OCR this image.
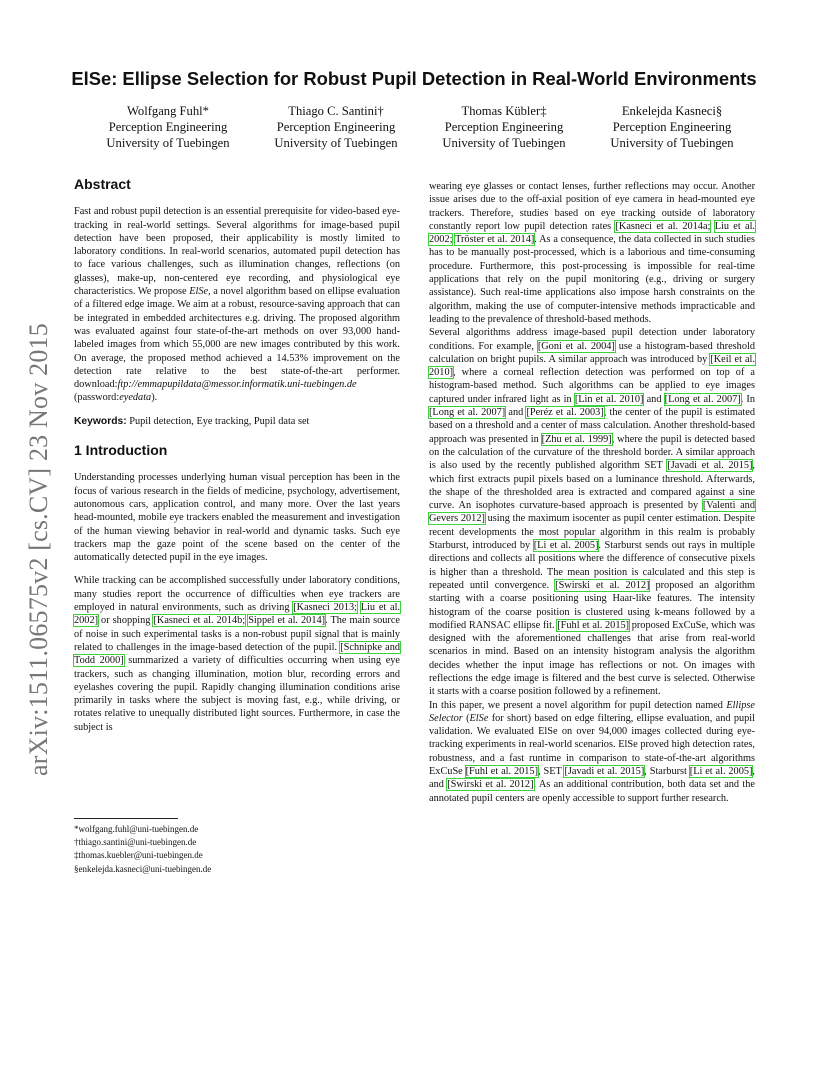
arXiv:1511.06575v2 [cs.CV] 23 Nov 2015
ElSe: Ellipse Selection for Robust Pupil Detection in Real-World Environments
Wolfgang Fuhl*
Perception Engineering
University of Tuebingen
Thiago C. Santini†
Perception Engineering
University of Tuebingen
Thomas Kübler‡
Perception Engineering
University of Tuebingen
Enkelejda Kasneci§
Perception Engineering
University of Tuebingen
Abstract

Fast and robust pupil detection is an essential prerequisite for video-based eye-tracking in real-world settings. Several algorithms for image-based pupil detection have been proposed, their applicability is mostly limited to laboratory conditions. In real-world scenarios, automated pupil detection has to face various challenges, such as illumination changes, reflections (on glasses), make-up, non-centered eye recording, and physiological eye characteristics. We propose ElSe, a novel algorithm based on ellipse evaluation of a filtered edge image. We aim at a robust, resource-saving approach that can be integrated in embedded architectures e.g. driving. The proposed algorithm was evaluated against four state-of-the-art methods on over 93,000 hand-labeled images from which 55,000 are new images contributed by this work. On average, the proposed method achieved a 14.53% improvement on the detection rate relative to the best state-of-the-art performer. download:ftp://emmapupildata@messor.informatik.uni-tuebingen.de (password:eyedata).

Keywords: Pupil detection, Eye tracking, Pupil data set

1 Introduction

Understanding processes underlying human visual perception has been in the focus of various research in the fields of medicine, psychology, advertisement, autonomous cars, application control, and many more. Over the last years head-mounted, mobile eye trackers enabled the measurement and investigation of the human viewing behavior in real-world and dynamic tasks. Such eye trackers map the gaze point of the scene based on the center of the automatically detected pupil in the eye images.

While tracking can be accomplished successfully under laboratory conditions, many studies report the occurrence of difficulties when eye trackers are employed in natural environments, such as driving [Kasneci 2013; Liu et al. 2002] or shopping [Kasneci et al. 2014b; Sippel et al. 2014]. The main source of noise in such experimental tasks is a non-robust pupil signal that is mainly related to challenges in the image-based detection of the pupil. [Schnipke and Todd 2000] summarized a variety of difficulties occurring when using eye trackers, such as changing illumination, motion blur, recording errors and eyelashes covering the pupil. Rapidly changing illumination conditions arise primarily in tasks where the subject is moving fast, e.g., while driving, or rotates relative to unequally distributed light sources. Furthermore, in case the subject is

*wolfgang.fuhl@uni-tuebingen.de
†thiago.santini@uni-tuebingen.de
‡thomas.kuebler@uni-tuebingen.de
§enkelejda.kasneci@uni-tuebingen.de

wearing eye glasses or contact lenses, further reflections may occur. Another issue arises due to the off-axial position of eye camera in head-mounted eye trackers. Therefore, studies based on eye tracking outside of laboratory constantly report low pupil detection rates [Kasneci et al. 2014a; Liu et al. 2002; Tröster et al. 2014]. As a consequence, the data collected in such studies has to be manually post-processed, which is a laborious and time-consuming procedure. Furthermore, this post-processing is impossible for real-time applications that rely on the pupil monitoring (e.g., driving or surgery assistance). Such real-time applications also impose harsh constraints on the algorithm, making the use of computer-intensive methods impracticable and leading to the prevalence of threshold-based methods.

Several algorithms address image-based pupil detection under laboratory conditions. For example, [Goni et al. 2004] use a histogram-based threshold calculation on bright pupils. A similar approach was introduced by [Keil et al. 2010], where a corneal reflection detection was performed on top of a histogram-based method. Such algorithms can be applied to eye images captured under infrared light as in [Lin et al. 2010] and [Long et al. 2007]. In [Long et al. 2007] and [Peréz et al. 2003], the center of the pupil is estimated based on a threshold and a center of mass calculation. Another threshold-based approach was presented in [Zhu et al. 1999], where the pupil is detected based on the calculation of the curvature of the threshold border. A similar approach is also used by the recently published algorithm SET [Javadi et al. 2015], which first extracts pupil pixels based on a luminance threshold. Afterwards, the shape of the thresholded area is extracted and compared against a sine curve. An isophotes curvature-based approach is presented by [Valenti and Gevers 2012] using the maximum isocenter as pupil center estimation. Despite recent developments the most popular algorithm in this realm is probably Starburst, introduced by [Li et al. 2005]. Starburst sends out rays in multiple directions and collects all positions where the difference of consecutive pixels is higher than a threshold. The mean position is calculated and this step is repeated until convergence. [Świrski et al. 2012] proposed an algorithm starting with a coarse positioning using Haar-like features. The intensity histogram of the coarse position is clustered using k-means followed by a modified RANSAC ellipse fit. [Fuhl et al. 2015] proposed ExCuSe, which was designed with the aforementioned challenges that arise from real-world scenarios in mind. Based on an intensity histogram analysis the algorithm decides whether the input image has reflections or not. On images with reflections the edge image is filtered and the best curve is selected. Otherwise it starts with a coarse position followed by a refinement.

In this paper, we present a novel algorithm for pupil detection named Ellipse Selector (ElSe for short) based on edge filtering, ellipse evaluation, and pupil validation. We evaluated ElSe on over 94,000 images collected during eye-tracking experiments in real-world scenarios. ElSe proved high detection rates, robustness, and a fast runtime in comparison to state-of-the-art algorithms ExCuSe [Fuhl et al. 2015], SET [Javadi et al. 2015], Starburst [Li et al. 2005], and [Świrski et al. 2012]. As an additional contribution, both data set and the annotated pupil centers are openly accessible to support further research.
